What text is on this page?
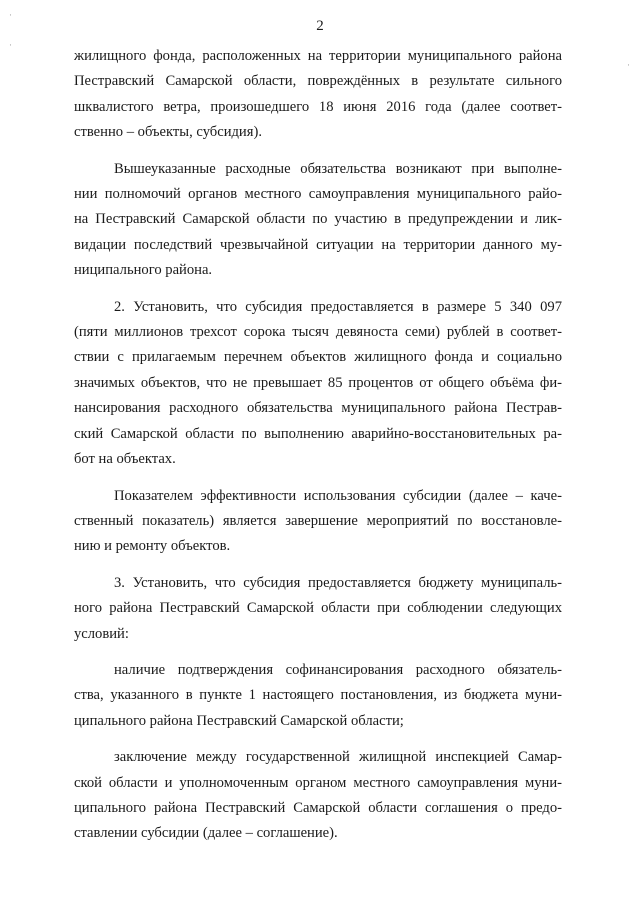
·
·
·
2

жилищного фонда, расположенных на территории муниципального района
Пестравский Самарской области, повреждённых в результате сильного
шквалистого ветра, произошедшего 18 июня 2016 года (далее соответ-
ственно – объекты, субсидия).

Вышеуказанные расходные обязательства возникают при выполне-
нии полномочий органов местного самоуправления муниципального райо-
на Пестравский Самарской области по участию в предупреждении и лик-
видации последствий чрезвычайной ситуации на территории данного му-
ниципального района.

2. Установить, что субсидия предоставляется в размере 5 340 097
(пяти миллионов трехсот сорока тысяч девяноста семи) рублей в соответ-
ствии с прилагаемым перечнем объектов жилищного фонда и социально
значимых объектов, что не превышает 85 процентов от общего объёма фи-
нансирования расходного обязательства муниципального района Пестрав-
ский Самарской области по выполнению аварийно-восстановительных ра-
бот на объектах.

Показателем эффективности использования субсидии (далее – каче-
ственный показатель) является завершение мероприятий по восстановле-
нию и ремонту объектов.

3. Установить, что субсидия предоставляется бюджету муниципаль-
ного района Пестравский Самарской области при соблюдении следующих
условий:

наличие подтверждения софинансирования расходного обязатель-
ства, указанного в пункте 1 настоящего постановления, из бюджета муни-
ципального района Пестравский Самарской области;

заключение между государственной жилищной инспекцией Самар-
ской области и уполномоченным органом местного самоуправления муни-
ципального района Пестравский Самарской области соглашения о предо-
ставлении субсидии (далее – соглашение).
